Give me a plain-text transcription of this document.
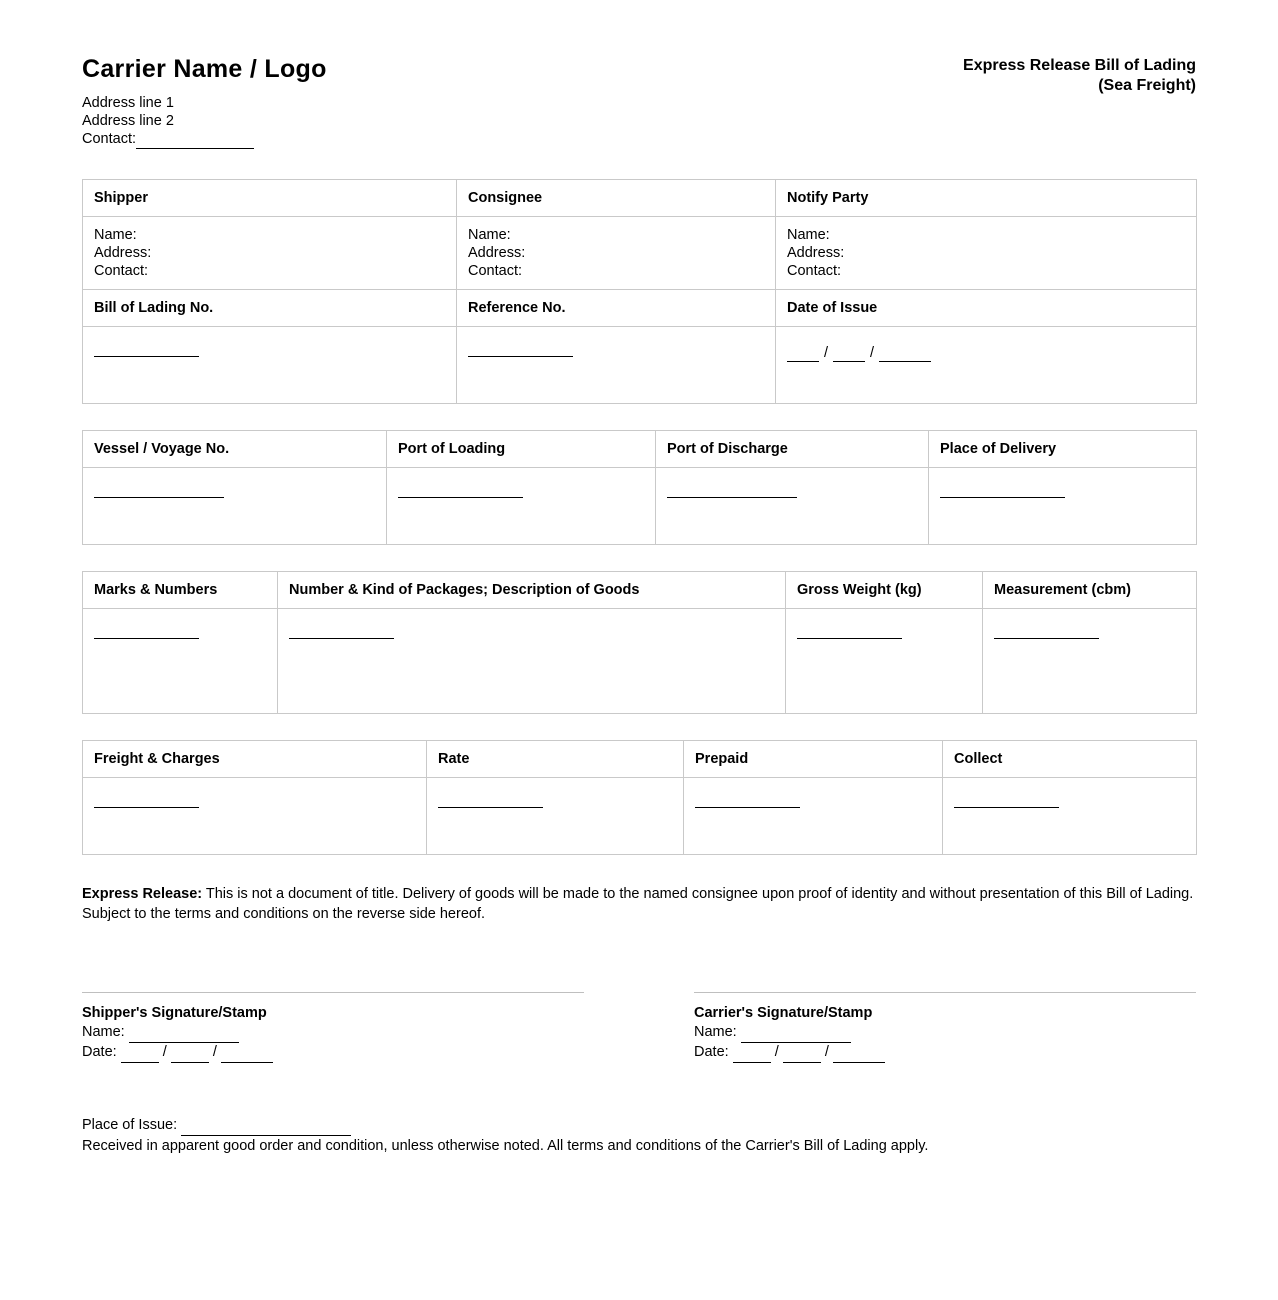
Carrier Name / Logo
Address line 1
Address line 2
Contact:
Express Release Bill of Lading
(Sea Freight)
Shipper	Consignee	Notify Party

Name:
Address:
Contact:	Name:
Address:
Contact:	Name:
Address:
Contact:

Bill of Lading No.	Reference No.	Date of Issue
		/ /
Vessel / Voyage No.	Port of Loading	Port of Discharge	Place of Delivery

Marks & Numbers	Number & Kind of Packages; Description of Goods	Gross Weight (kg)	Measurement (cbm)

Freight & Charges	Rate	Prepaid	Collect

Express Release: This is not a document of title. Delivery of goods will be made to the named consignee upon proof of identity and without presentation of this Bill of Lading.
Subject to the terms and conditions on the reverse side hereof.
Shipper's Signature/Stamp
Name:
Date:	/	/
Carrier's Signature/Stamp
Name:
Date:	/	/
Place of Issue:
Received in apparent good order and condition, unless otherwise noted. All terms and conditions of the Carrier's Bill of Lading apply.
